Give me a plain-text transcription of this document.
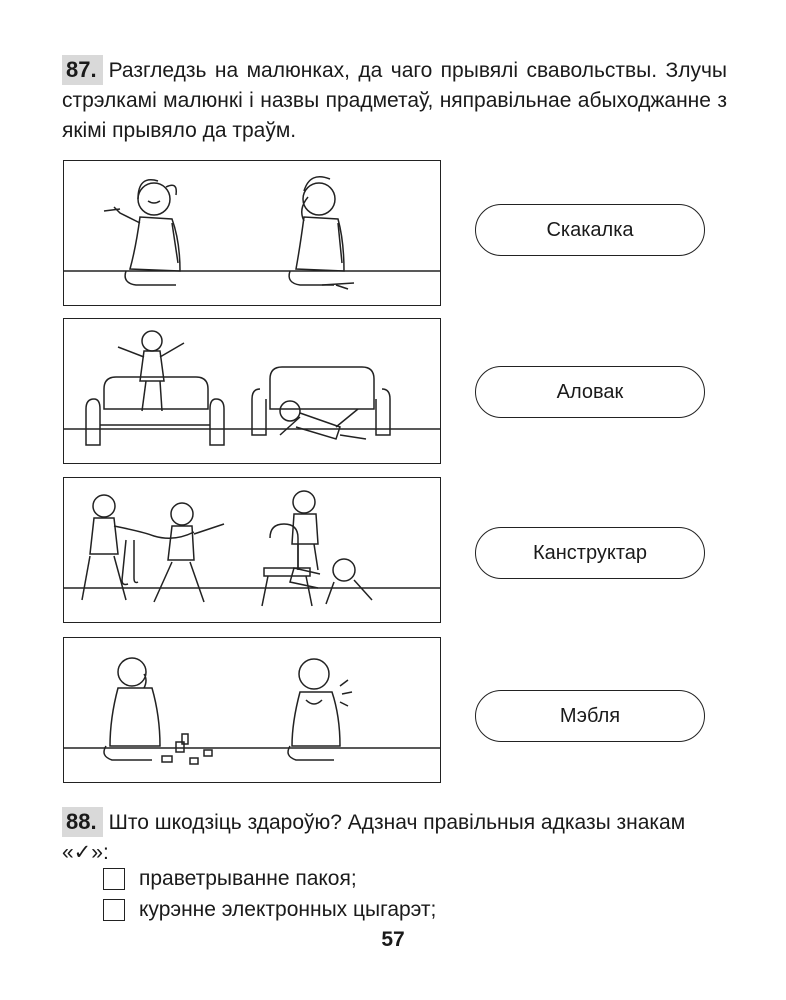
87. Разгледзь на малюнках, да чаго прывялі свавольствы. Злучы стрэлкамі малюнкі і назвы прадметаў, няправільнае абыходжанне з якімі прывяло да траўм.
Скакалка
Аловак
Канструктар
Мэбля
88. Што шкодзіць здароўю? Адзнач правільныя адказы знакам «✓»:
праветрыванне пакоя;
курэнне электронных цыгарэт;
57
